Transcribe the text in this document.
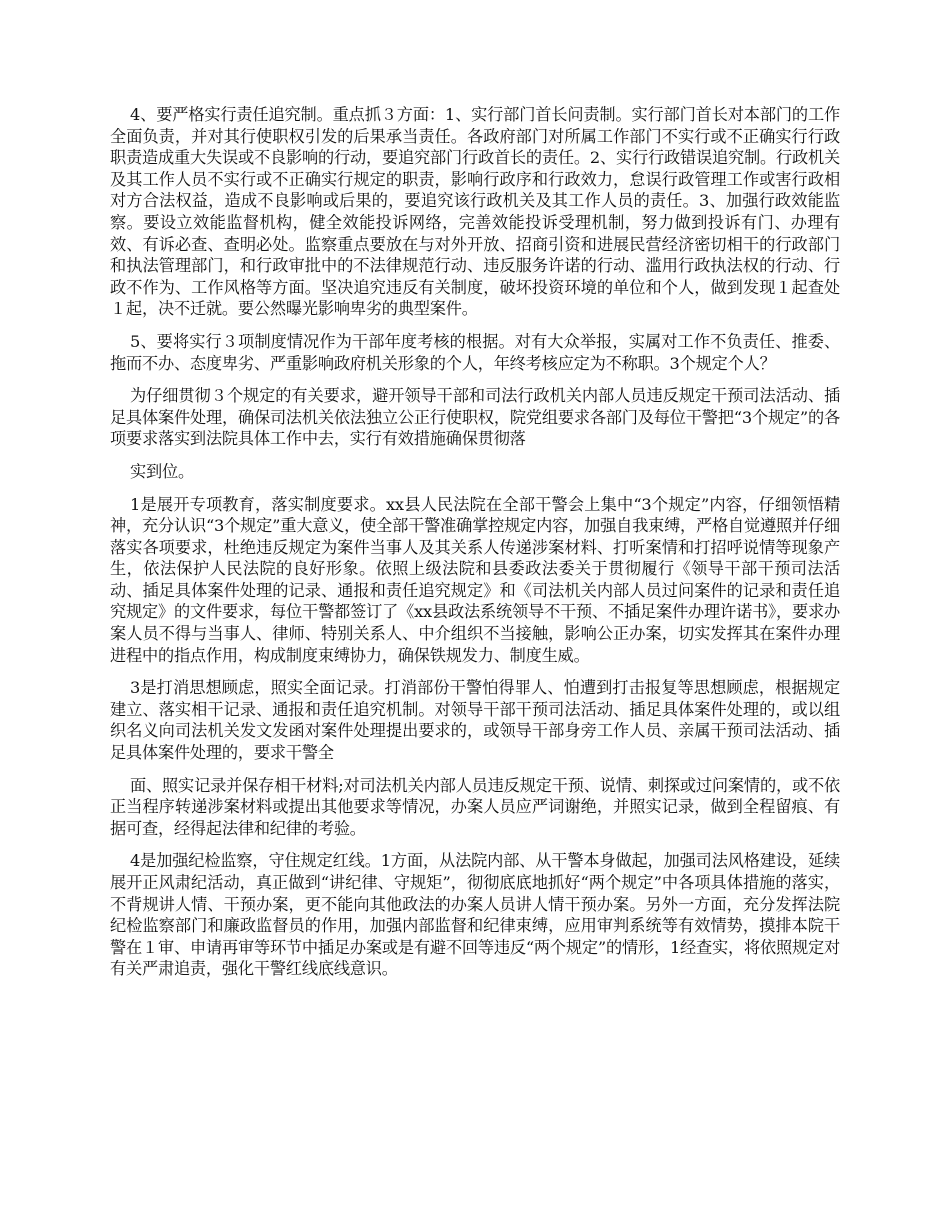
4、要严格实行责任追究制。重点抓３方面：1、实行部门首长问责制。实行部门首长对本部门的工作全面负责，并对其行使职权引发的后果承当责任。各政府部门对所属工作部门不实行或不正确实行行政职责造成重大失误或不良影响的行动，要追究部门行政首长的责任。2、实行行政错误追究制。行政机关及其工作人员不实行或不正确实行规定的职责，影响行政序和行政效力，怠误行政管理工作或害行政相对方合法权益，造成不良影响或后果的，要追究该行政机关及其工作人员的责任。3、加强行政效能监察。要设立效能监督机构，健全效能投诉网络，完善效能投诉受理机制，努力做到投诉有门、办理有效、有诉必查、查明必处。监察重点要放在与对外开放、招商引资和进展民营经济密切相干的行政部门和执法管理部门，和行政审批中的不法律规范行动、违反服务许诺的行动、滥用行政执法权的行动、行政不作为、工作风格等方面。坚决追究违反有关制度，破坏投资环境的单位和个人，做到发现１起查处１起，决不迁就。要公然曝光影响卑劣的典型案件。

5、要将实行３项制度情况作为干部年度考核的根据。对有大众举报，实属对工作不负责任、推委、拖而不办、态度卑劣、严重影响政府机关形象的个人，年终考核应定为不称职。3个规定个人？

为仔细贯彻３个规定的有关要求，避开领导干部和司法行政机关内部人员违反规定干预司法活动、插足具体案件处理，确保司法机关依法独立公正行使职权，院党组要求各部门及每位干警把“3个规定”的各项要求落实到法院具体工作中去，实行有效措施确保贯彻落

实到位。

1是展开专项教育，落实制度要求。xx县人民法院在全部干警会上集中“3个规定”内容，仔细领悟精神，充分认识“3个规定”重大意义，使全部干警准确掌控规定内容，加强自我束缚，严格自觉遵照并仔细落实各项要求，杜绝违反规定为案件当事人及其关系人传递涉案材料、打听案情和打招呼说情等现象产生，依法保护人民法院的良好形象。依照上级法院和县委政法委关于贯彻履行《领导干部干预司法活动、插足具体案件处理的记录、通报和责任追究规定》和《司法机关内部人员过问案件的记录和责任追究规定》的文件要求，每位干警都签订了《xx县政法系统领导不干预、不插足案件办理许诺书》，要求办案人员不得与当事人、律师、特别关系人、中介组织不当接触，影响公正办案，切实发挥其在案件办理进程中的指点作用，构成制度束缚协力，确保铁规发力、制度生威。

3是打消思想顾虑，照实全面记录。打消部份干警怕得罪人、怕遭到打击报复等思想顾虑，根据规定建立、落实相干记录、通报和责任追究机制。对领导干部干预司法活动、插足具体案件处理的，或以组织名义向司法机关发文发函对案件处理提出要求的，或领导干部身旁工作人员、亲属干预司法活动、插足具体案件处理的，要求干警全

面、照实记录并保存相干材料;对司法机关内部人员违反规定干预、说情、刺探或过问案情的，或不依正当程序转递涉案材料或提出其他要求等情况，办案人员应严词谢绝，并照实记录，做到全程留痕、有据可查，经得起法律和纪律的考验。

4是加强纪检监察，守住规定红线。1方面，从法院内部、从干警本身做起，加强司法风格建设，延续展开正风肃纪活动，真正做到“讲纪律、守规矩”，彻彻底底地抓好“两个规定”中各项具体措施的落实，不背规讲人情、干预办案，更不能向其他政法的办案人员讲人情干预办案。另外一方面，充分发挥法院纪检监察部门和廉政监督员的作用，加强内部监督和纪律束缚，应用审判系统等有效情势，摸排本院干警在１审、申请再审等环节中插足办案或是有避不回等违反“两个规定”的情形，1经查实，将依照规定对有关严肃追责，强化干警红线底线意识。
